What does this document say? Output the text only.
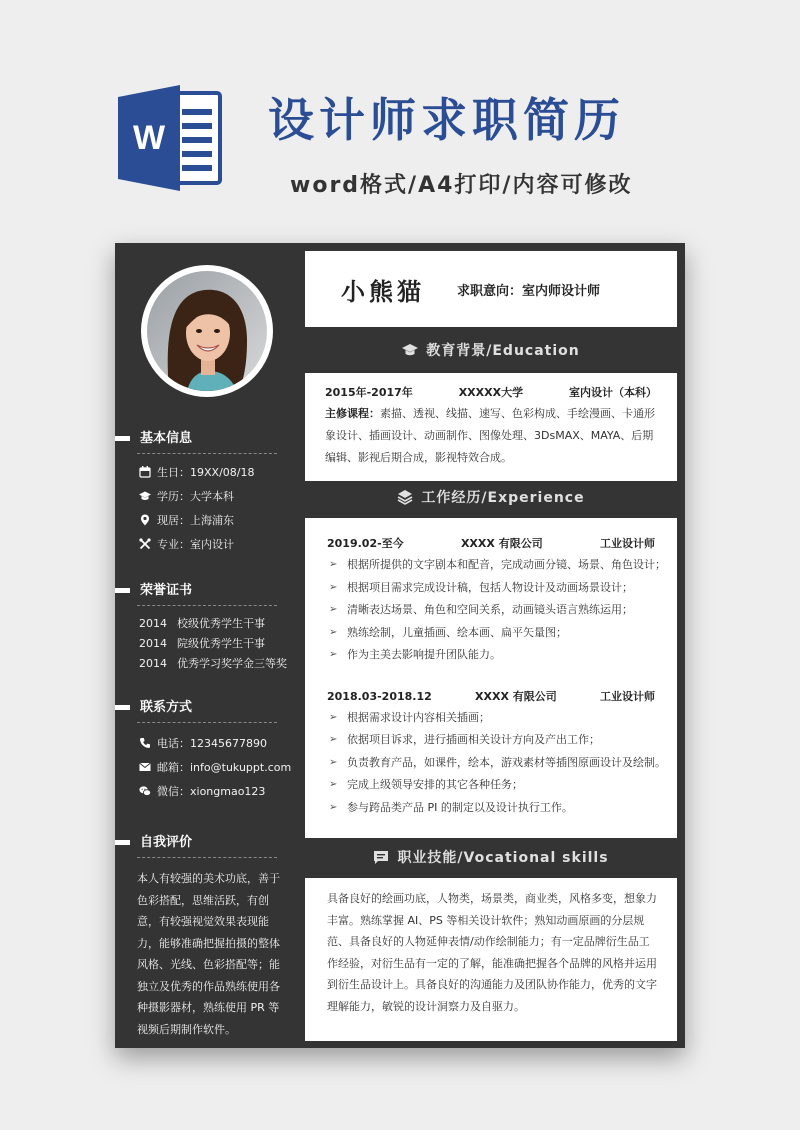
W 设计师求职简历
word格式/A4打印/内容可修改
基本信息
生日：19XX/08/18
学历：大学本科
现居：上海浦东
专业：室内设计
荣誉证书
2014 校级优秀学生干事
2014 院级优秀学生干事
2014 优秀学习奖学金三等奖
联系方式
电话：12345677890
邮箱：info@tukuppt.com
微信：xiongmao123
自我评价
本人有较强的美术功底，善于色彩搭配，思维活跃，有创意，有较强视觉效果表现能力，能够准确把握拍摄的整体风格、光线、色彩搭配等；能独立及优秀的作品熟练使用各种摄影器材，熟练使用 PR 等视频后期制作软件。
小熊猫 求职意向：室内师设计师
教育背景/Education
2015年-2017年	XXXXX大学	室内设计（本科）
主修课程：素描、透视、线描、速写、色彩构成、手绘漫画、卡通形象设计、插画设计、动画制作、图像处理、3DsMAX、MAYA、后期编辑、影视后期合成，影视特效合成。
工作经历/Experience
2019.02-至今	XXXX 有限公司	工业设计师
➢ 根据所提供的文字剧本和配音，完成动画分镜、场景、角色设计；
➢ 根据项目需求完成设计稿，包括人物设计及动画场景设计；
➢ 清晰表达场景、角色和空间关系，动画镜头语言熟练运用；
➢ 熟练绘制，儿童插画、绘本画、扁平矢量图；
➢ 作为主美去影响提升团队能力。
2018.03-2018.12	XXXX 有限公司	工业设计师
➢ 根据需求设计内容相关插画；
➢ 依据项目诉求，进行插画相关设计方向及产出工作；
➢ 负责教育产品，如课件，绘本，游戏素材等插图原画设计及绘制。
➢ 完成上级领导安排的其它各种任务；
➢ 参与跨品类产品 PI 的制定以及设计执行工作。
职业技能/Vocational skills
具备良好的绘画功底，人物类，场景类，商业类，风格多变，想象力丰富。熟练掌握 AI、PS 等相关设计软件；熟知动画原画的分层规范、具备良好的人物延伸表情/动作绘制能力；有一定品牌衍生品工作经验，对衍生品有一定的了解，能准确把握各个品牌的风格并运用到衍生品设计上。具备良好的沟通能力及团队协作能力，优秀的文字理解能力，敏锐的设计洞察力及自驱力。
